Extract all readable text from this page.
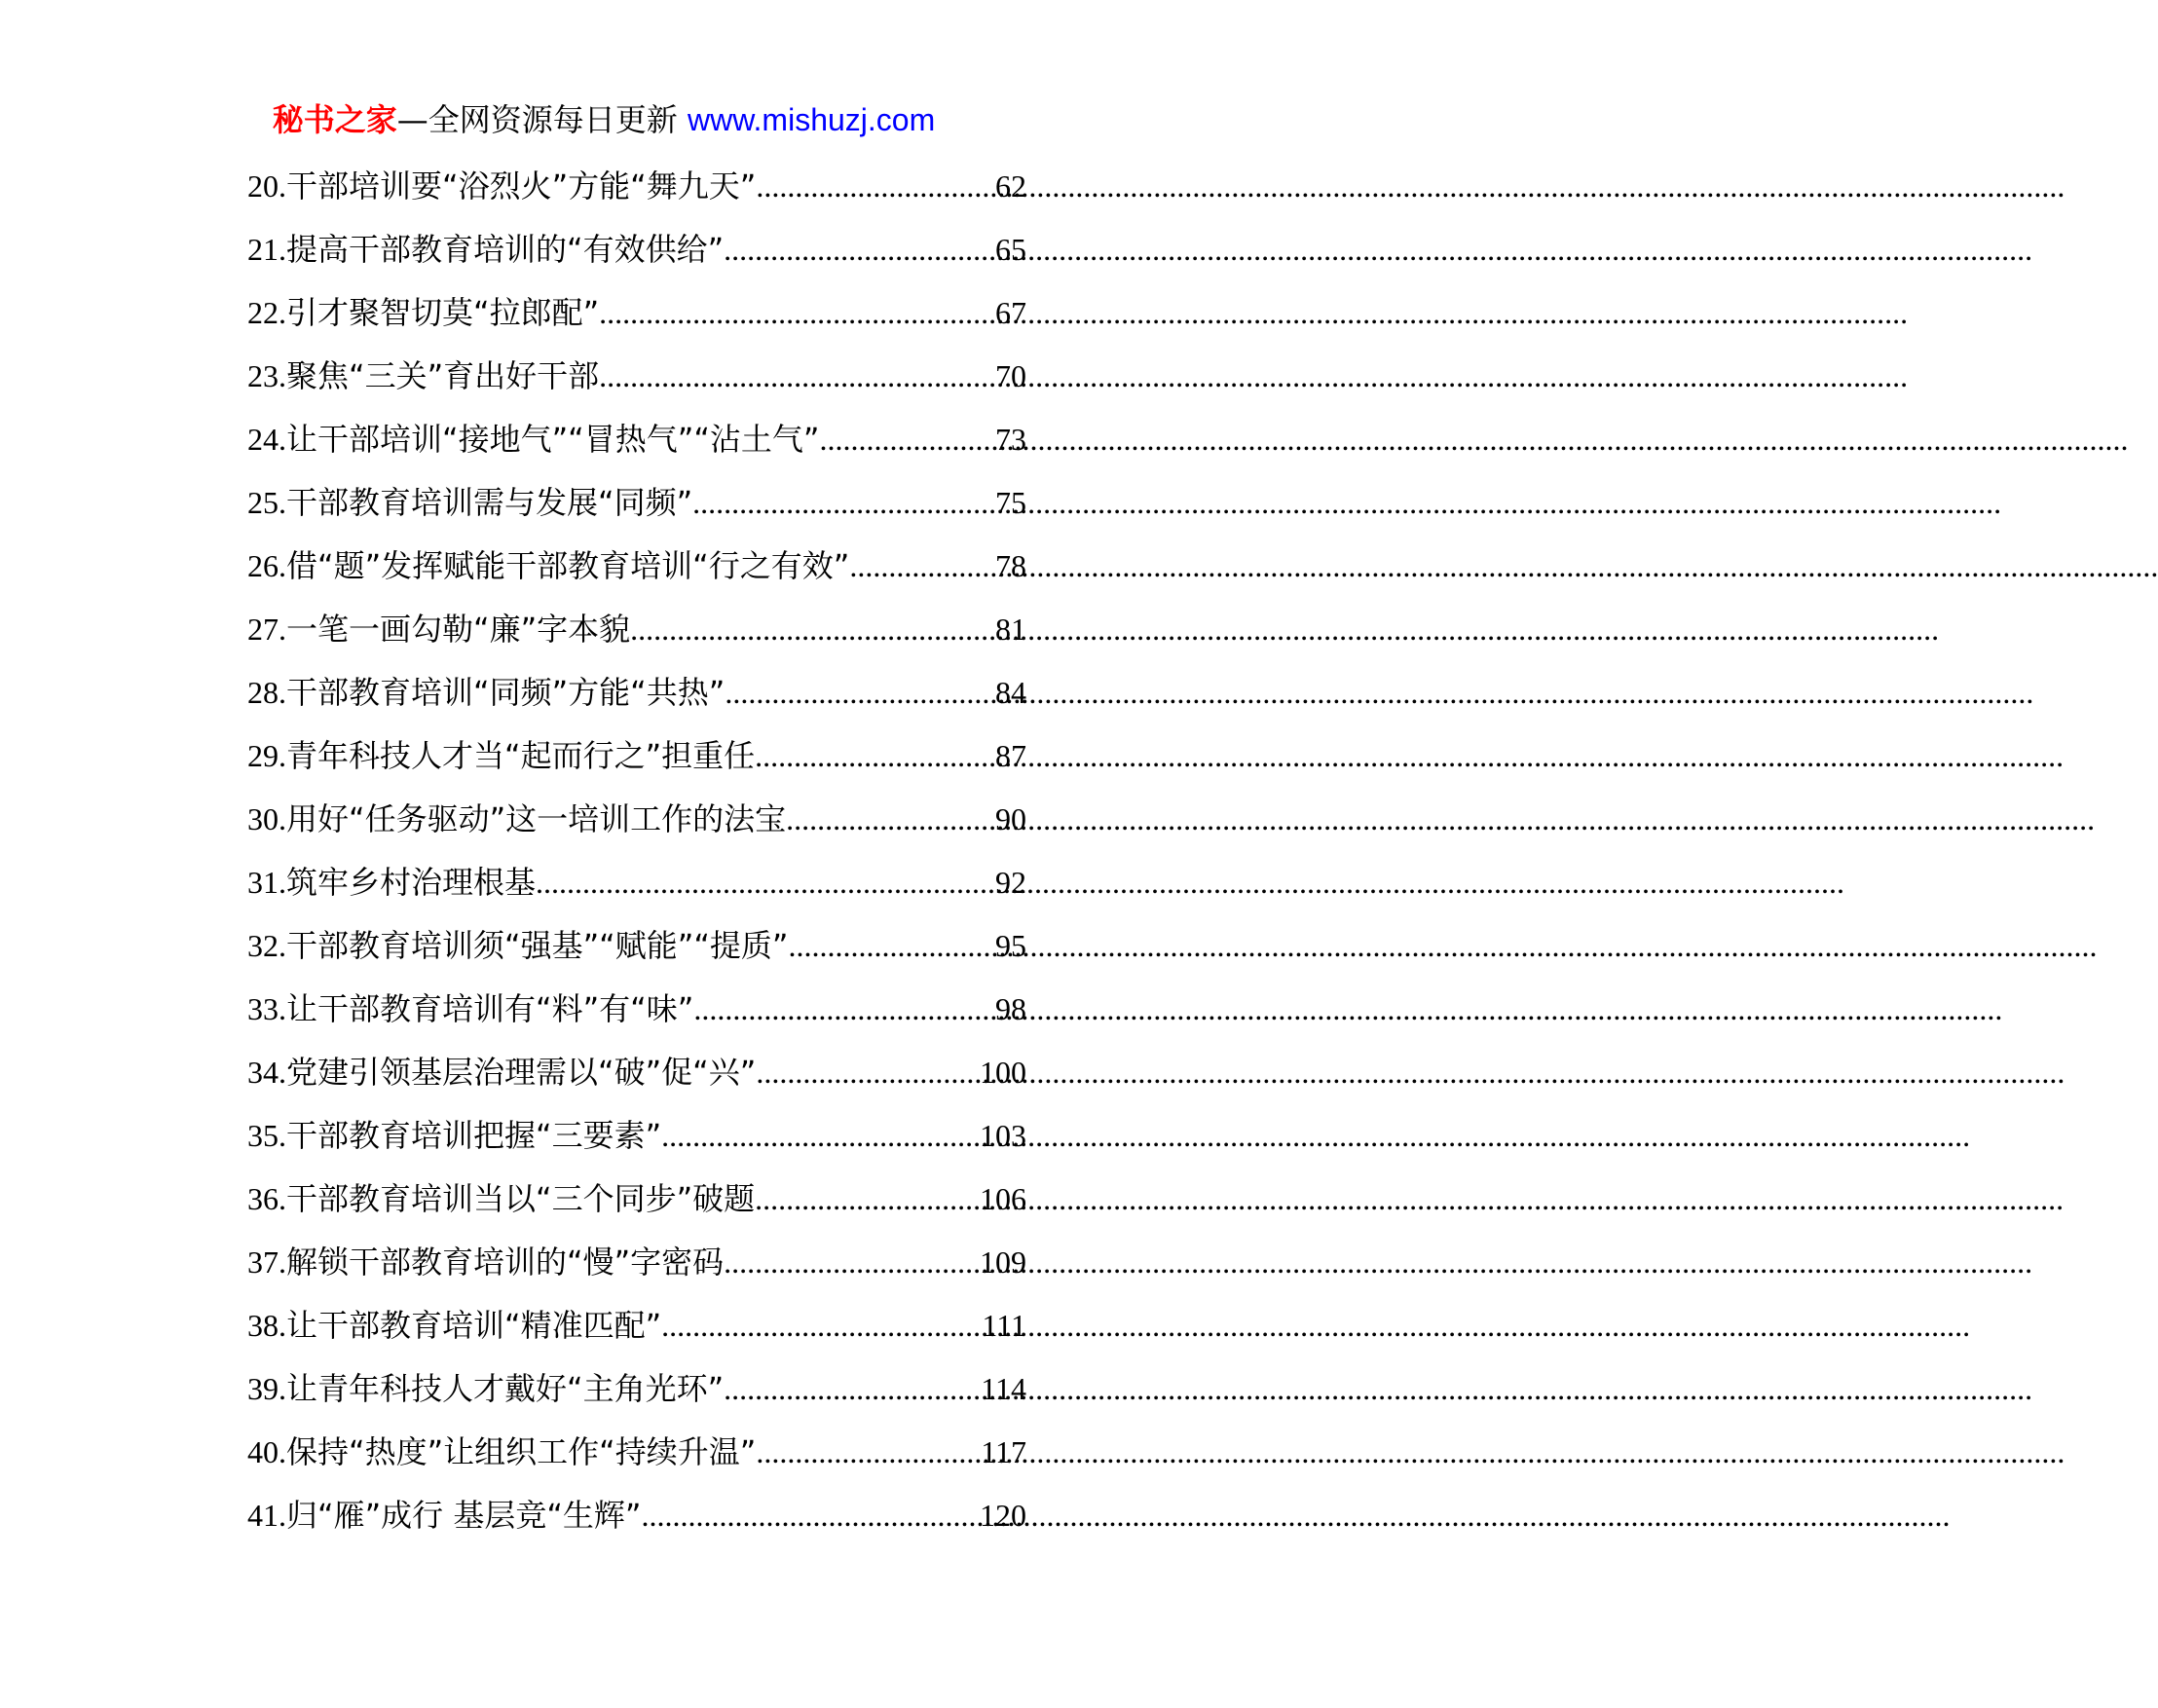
秘书之家—全网资源每日更新 www.mishuzj.com
20. 干部培训要“浴烈火”方能“舞九天” .....	62
21. 提高干部教育培训的“有效供给” .....	65
22. 引才聚智切莫“拉郎配” .....	67
23. 聚焦“三关”育出好干部 .....	70
24. 让干部培训“接地气”“冒热气”“沾土气” .....	73
25. 干部教育培训需与发展“同频” .....	75
26. 借“题”发挥赋能干部教育培训“行之有效” .....	78
27. 一笔一画勾勒“廉”字本貌 .....	81
28. 干部教育培训“同频”方能“共热” .....	84
29. 青年科技人才当“起而行之”担重任 .....	87
30. 用好“任务驱动”这一培训工作的法宝 .....	90
31. 筑牢乡村治理根基 .....	92
32. 干部教育培训须“强基”“赋能”“提质” .....	95
33. 让干部教育培训有“料”有“味” .....	98
34. 党建引领基层治理需以“破”促“兴” .....	100
35. 干部教育培训把握“三要素” .....	103
36. 干部教育培训当以“三个同步”破题 .....	106
37. 解锁干部教育培训的“慢”字密码 .....	109
38. 让干部教育培训“精准匹配” .....	111
39. 让青年科技人才戴好“主角光环” .....	114
40. 保持“热度”让组织工作“持续升温” .....	117
41. 归“雁”成行 基层竞“生辉” .....	120
